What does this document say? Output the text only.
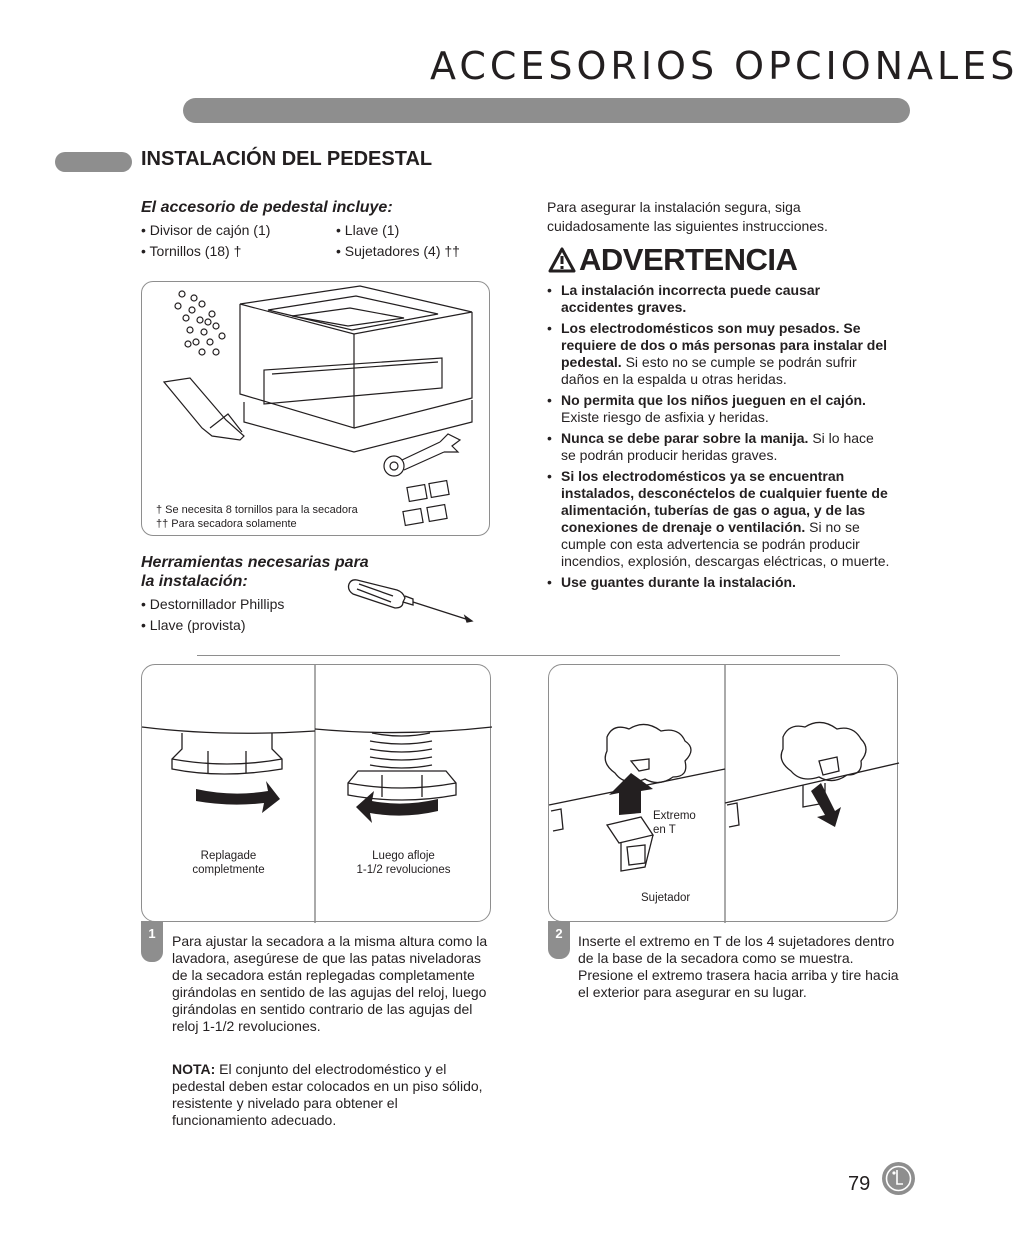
ACCESORIOS OPCIONALES
INSTALACIÓN DEL PEDESTAL
El accesorio de pedestal incluye:
• Divisor de cajón (1)
• Tornillos (18) †
• Llave (1)
• Sujetadores (4) ††
† Se necesita 8 tornillos para la secadora
†† Para secadora solamente
Herramientas necesarias para
la instalación:
• Destornillador Phillips
• Llave (provista)
Para asegurar la instalación segura, siga cuidadosamente las siguientes instrucciones.
ADVERTENCIA
• La instalación incorrecta puede causar accidentes graves.
• Los electrodomésticos son muy pesados. Se requiere de dos o más personas para instalar del pedestal. Si esto no se cumple se podrán sufrir daños en la espalda u otras heridas.
• No permita que los niños jueguen en el cajón. Existe riesgo de asfixia y heridas.
• Nunca se debe parar sobre la manija. Si lo hace se podrán producir heridas graves.
• Si los electrodomésticos ya se encuentran instalados, desconéctelos de cualquier fuente de alimentación, tuberías de gas o agua, y de las conexiones de drenaje o ventilación. Si no se cumple con esta advertencia se podrán producir incendios, explosión, descargas eléctricas, o muerte.
• Use guantes durante la instalación.
Replagade
completmente
Luego afloje
1-1/2 revoluciones
1	Para ajustar la secadora a la misma altura como la lavadora, asegúrese de que las patas niveladoras de la secadora están replegadas completamente girándolas en sentido de las agujas del reloj, luego girándolas en sentido contrario de las agujas del reloj 1-1/2 revoluciones.
NOTA: El conjunto del electrodoméstico y el pedestal deben estar colocados en un piso sólido, resistente y nivelado para obtener el funcionamiento adecuado.
Extremo
en T
Sujetador
2	Inserte el extremo en T de los 4 sujetadores dentro de la base de la secadora como se muestra. Presione el extremo trasera hacia arriba y tire hacia el exterior para asegurar en su lugar.
79
